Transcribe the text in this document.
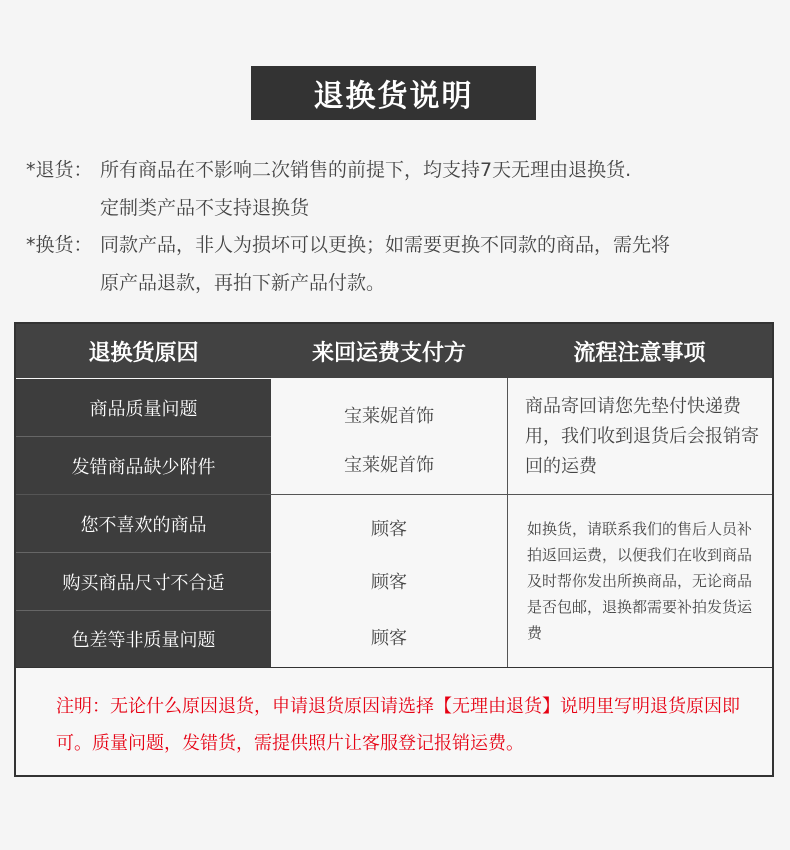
退换货说明
*退货： 所有商品在不影响二次销售的前提下，均支持7天无理由退换货.
定制类产品不支持退换货
*换货： 同款产品，非人为损坏可以更换；如需要更换不同款的商品，需先将
原产品退款，再拍下新产品付款。
退换货原因	来回运费支付方	流程注意事项
商品质量问题
发错商品缺少附件
宝莱妮首饰
宝莱妮首饰
商品寄回请您先垫付快递费用，我们收到退货后会报销寄回的运费
您不喜欢的商品
购买商品尺寸不合适
色差等非质量问题
顾客
顾客
顾客
如换货，请联系我们的售后人员补拍返回运费，以便我们在收到商品及时帮你发出所换商品，无论商品是否包邮，退换都需要补拍发货运费
注明：无论什么原因退货，申请退货原因请选择【无理由退货】说明里写明退货原因即可。质量问题，发错货，需提供照片让客服登记报销运费。
